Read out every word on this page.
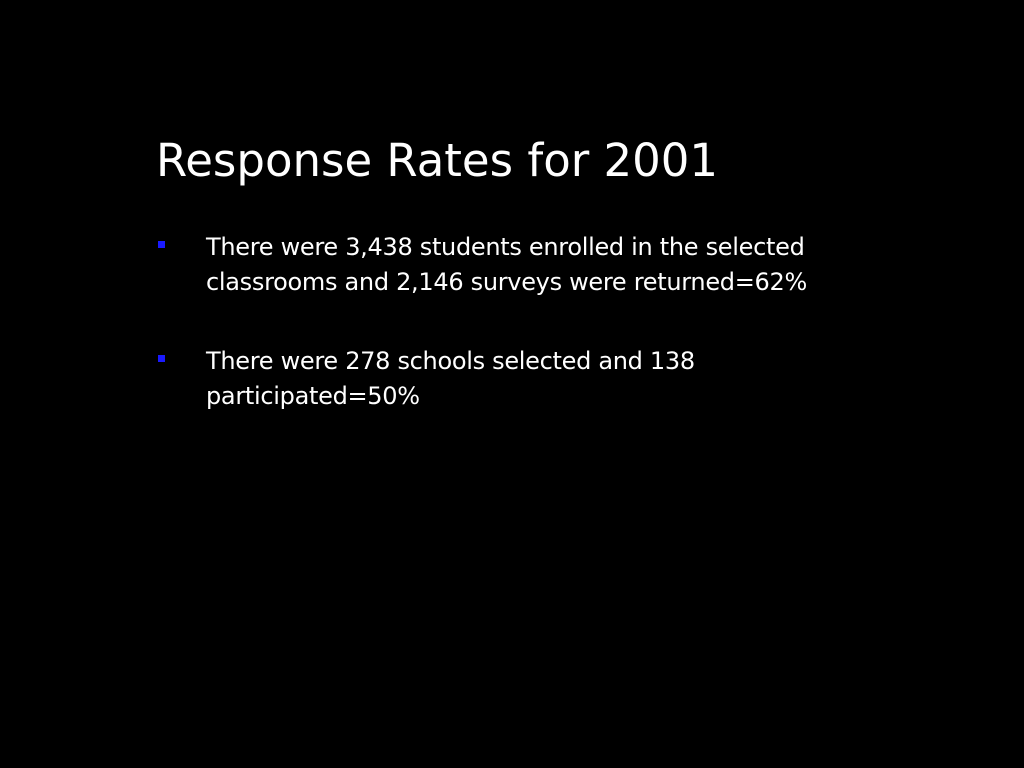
Response Rates for 2001
There were 3,438 students enrolled in the selected
classrooms and 2,146 surveys were returned=62%
There were 278 schools selected and 138
participated=50%
